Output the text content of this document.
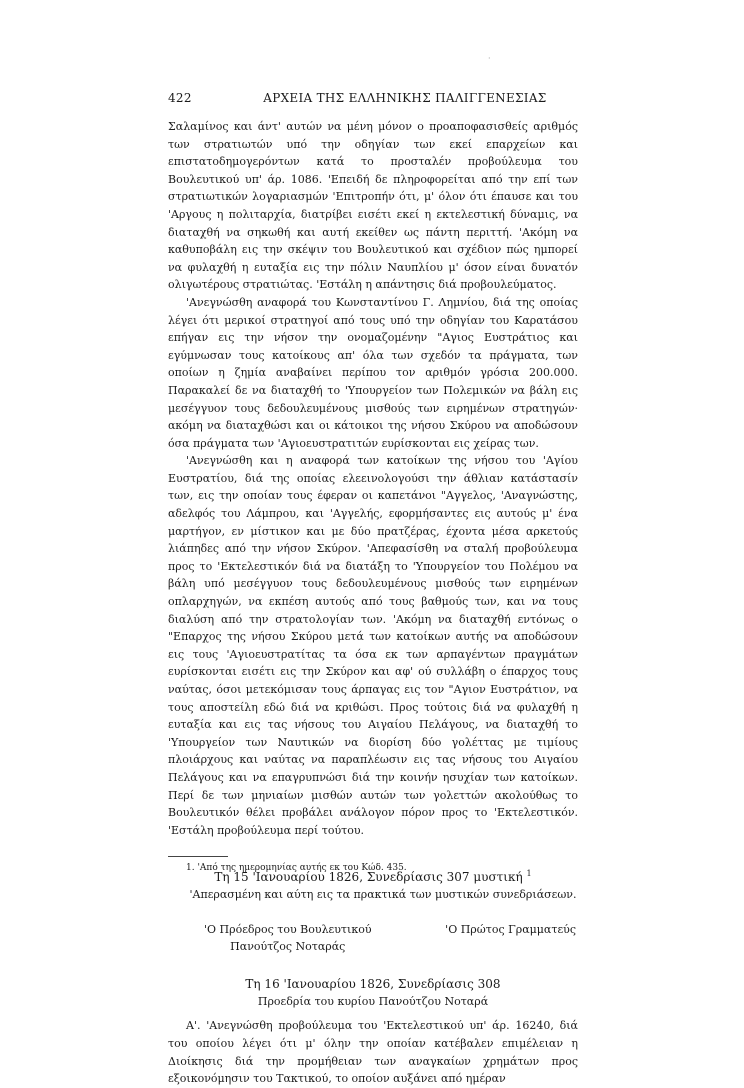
·
422	ΑΡΧΕΙΑ ΤΗΣ ΕΛΛΗΝΙΚΗΣ ΠΑΛΙΓΓΕΝΕΣΙΑΣ

Σαλαμίνος και άντ' αυτών να μένη μόνον ο προαποφασισθείς αριθμός των στρατιωτών υπό την οδηγίαν των εκεί επαρχείων και επιστατοδημογερόντων κατά το προσταλέν προβούλευμα του Βουλευτικού υπ' άρ. 1086. 'Επειδή δε πληροφορείται από την επί των στρατιωτικών λογαριασμών 'Επιτροπήν ότι, μ' όλον ότι έπαυσε και του 'Αργους η πολιταρχία, διατρίβει εισέτι εκεί η εκτελεστική δύναμις, να διαταχθή να σηκωθή και αυτή εκείθεν ως πάντη περιττή. 'Ακόμη να καθυποβάλη εις την σκέψιν του Βουλευτικού και σχέδιον πώς ημπορεί να φυλαχθή η ευταξία εις την πόλιν Ναυπλίου μ' όσον είναι δυνατόν ολιγωτέρους στρατιώτας. 'Εστάλη η απάντησις διά προβουλεύματος.

'Ανεγνώσθη αναφορά του Κωνσταντίνου Γ. Λημνίου, διά της οποίας λέγει ότι μερικοί στρατηγοί από τους υπό την οδηγίαν του Καρατάσου επήγαν εις την νήσον την ονομαζομένην "Αγιος Ευστράτιος και εγύμνωσαν τους κατοίκους απ' όλα των σχεδόν τα πράγματα, των οποίων η ζημία αναβαίνει περίπου τον αριθμόν γρόσια 200.000. Παρακαλεί δε να διαταχθή το 'Υπουργείον των Πολεμικών να βάλη εις μεσέγγυον τους δεδουλευμένους μισθούς των ειρημένων στρατηγών· ακόμη να διαταχθώσι και οι κάτοικοι της νήσου Σκύρου να αποδώσουν όσα πράγματα των 'Αγιοευστρατιτών ευρίσκονται εις χείρας των.

'Ανεγνώσθη και η αναφορά των κατοίκων της νήσου του 'Αγίου Ευστρατίου, διά της οποίας ελεεινολογούσι την άθλιαν κατάστασίν των, εις την οποίαν τους έφεραν οι καπετάνοι "Αγγελος, 'Αναγνώστης, αδελφός του Λάμπρου, και 'Αγγελής, εφορμήσαντες εις αυτούς μ' ένα μαρτήγον, εν μίστικον και με δύο πρατζέρας, έχοντα μέσα αρκετούς λιάπηδες από την νήσον Σκύρον. 'Απεφασίσθη να σταλή προβούλευμα προς το 'Εκτελεστικόν διά να διατάξη το 'Υπουργείον του Πολέμου να βάλη υπό μεσέγγυον τους δεδουλευμένους μισθούς των ειρημένων οπλαρχηγών, να εκπέση αυτούς από τους βαθμούς των, και να τους διαλύση από την στρατολογίαν των. 'Ακόμη να διαταχθή εντόνως ο "Επαρχος της νήσου Σκύρου μετά των κατοίκων αυτής να αποδώσουν εις τους 'Αγιοευστρατίτας τα όσα εκ των αρπαγέντων πραγμάτων ευρίσκονται εισέτι εις την Σκύρον και αφ' ού συλλάβη ο έπαρχος τους ναύτας, όσοι μετεκόμισαν τους άρπαγας εις τον "Αγιον Ευστράτιον, να τους αποστείλη εδώ διά να κριθώσι. Προς τούτοις διά να φυλαχθή η ευταξία και εις τας νήσους του Αιγαίου Πελάγους, να διαταχθή το 'Υπουργείον των Ναυτικών να διορίση δύο γολέττας με τιμίους πλοιάρχους και ναύτας να παραπλέωσιν εις τας νήσους του Αιγαίου Πελάγους και να επαγρυπνώσι διά την κοινήν ησυχίαν των κατοίκων. Περί δε των μηνιαίων μισθών αυτών των γολεττών ακολούθως το Βουλευτικόν θέλει προβάλει ανάλογον πόρον προς το 'Εκτελεστικόν. 'Εστάλη προβούλευμα περί τούτου.

Τη 15 'Ιανουαρίου 1826, Συνεδρίασις 307 μυστική $^1$
'Απερασμένη και αύτη εις τα πρακτικά των μυστικών συνεδριάσεων.
'Ο Πρόεδρος του Βουλευτικού
Πανούτζος Νοταράς
'Ο Πρώτος Γραμματεύς
Τη 16 'Ιανουαρίου 1826, Συνεδρίασις 308
Προεδρία του κυρίου Πανούτζου Νοταρά

Α'. 'Ανεγνώσθη προβούλευμα του 'Εκτελεστικού υπ' άρ. 16240, διά του οποίου λέγει ότι μ' όλην την οποίαν κατέβαλεν επιμέλειαν η Διοίκησις διά την προμήθειαν των αναγκαίων χρημάτων προς εξοικονόμησιν του Τακτικού, το οποίον αυξάνει από ημέραν

1. 'Από της ημερομηνίας αυτής εκ του Κώδ. 435.
